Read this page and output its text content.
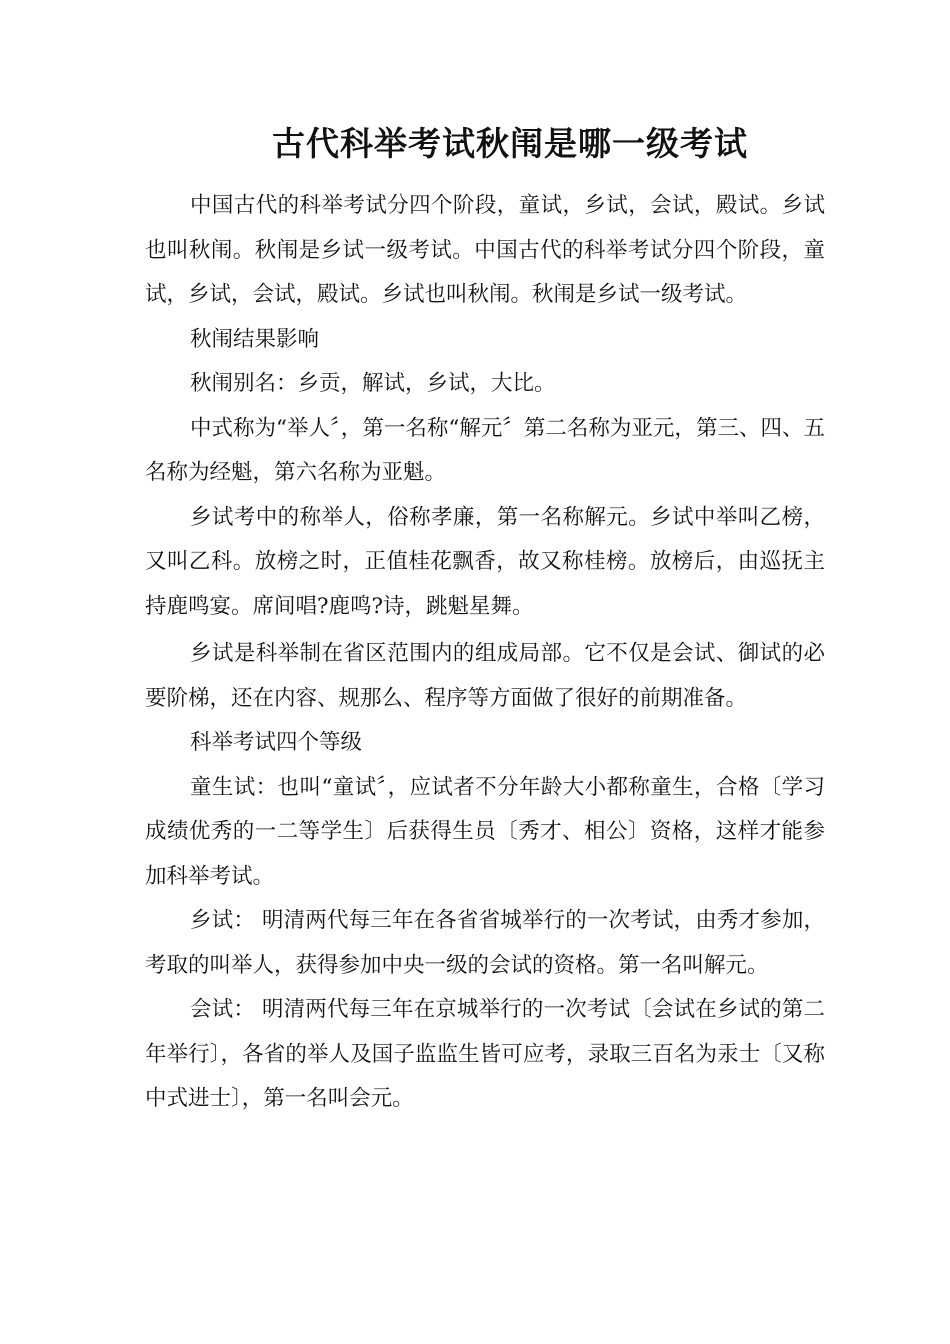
古代科举考试秋闱是哪一级考试

中国古代的科举考试分四个阶段，童试，乡试，会试，殿试。乡试也叫秋闱。秋闱是乡试一级考试。中国古代的科举考试分四个阶段，童试，乡试，会试，殿试。乡试也叫秋闱。秋闱是乡试一级考试。

秋闱结果影响

秋闱别名：乡贡，解试，乡试，大比。

中式称为“举人〞，第一名称“解元〞第二名称为亚元，第三、四、五名称为经魁，第六名称为亚魁。

乡试考中的称举人，俗称孝廉，第一名称解元。乡试中举叫乙榜，又叫乙科。放榜之时，正值桂花飘香，故又称桂榜。放榜后，由巡抚主持鹿鸣宴。席间唱?鹿鸣?诗，跳魁星舞。

乡试是科举制在省区范围内的组成局部。它不仅是会试、御试的必要阶梯，还在内容、规那么、程序等方面做了很好的前期准备。

科举考试四个等级

童生试：也叫“童试〞，应试者不分年龄大小都称童生，合格〔学习成绩优秀的一二等学生〕后获得生员〔秀才、相公〕资格，这样才能参加科举考试。

乡试： 明清两代每三年在各省省城举行的一次考试，由秀才参加，考取的叫举人，获得参加中央一级的会试的资格。第一名叫解元。

会试： 明清两代每三年在京城举行的一次考试〔会试在乡试的第二年举行〕，各省的举人及国子监监生皆可应考，录取三百名为汞士〔又称中式进士〕，第一名叫会元。
